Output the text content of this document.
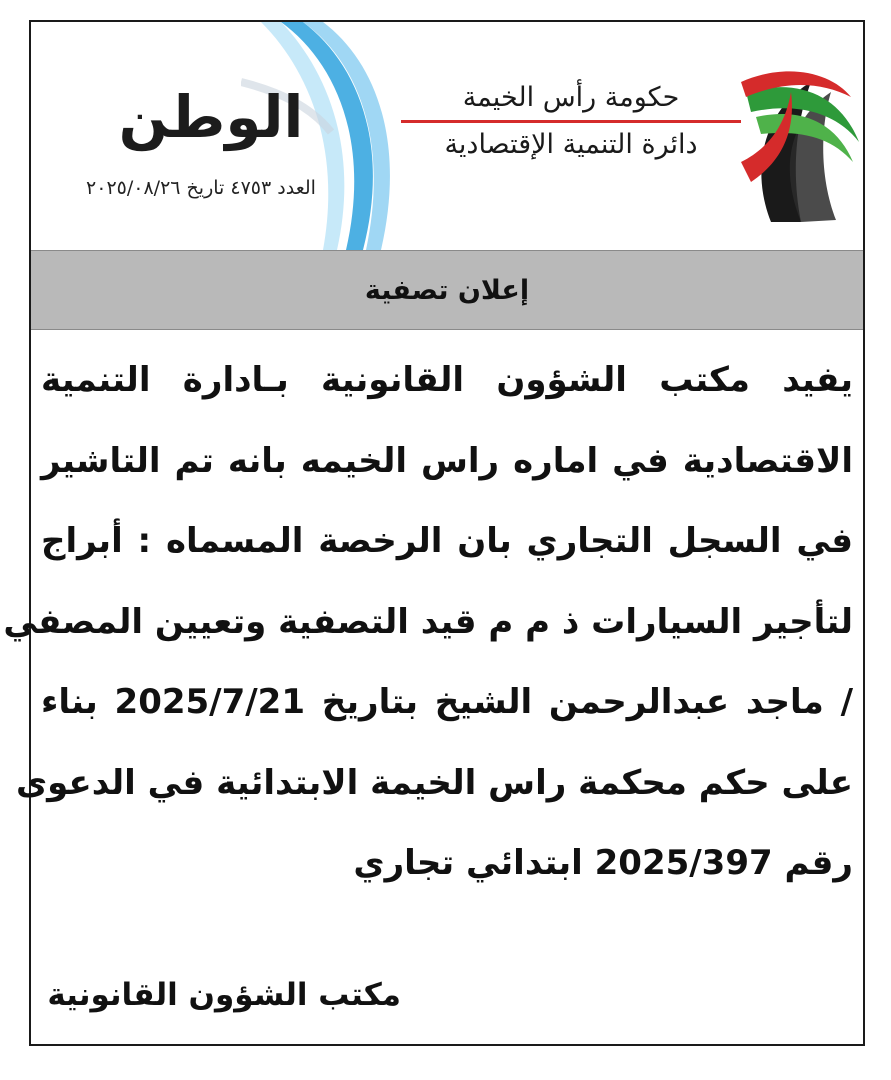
الوطن
العدد ٤٧٥٣ تاريخ ٢٠٢٥/٠٨/٢٦
حكومة رأس الخيمة
دائرة التنمية الإقتصادية
إعلان تصفية
يفيد مكتب الشؤون القانونية بـادارة التنمية
الاقتصادية في اماره راس الخيمه بانه تم التاشير
في السجل التجاري بان الرخصة المسماه : أبراج
لتأجير السيارات ذ م م قيد التصفية وتعيين المصفي
/ ماجد عبدالرحمن الشيخ بتاريخ 2025/7/21 بناء
على حكم محكمة راس الخيمة الابتدائية في الدعوى
رقم 2025/397 ابتدائي تجاري
مكتب الشؤون القانونية
